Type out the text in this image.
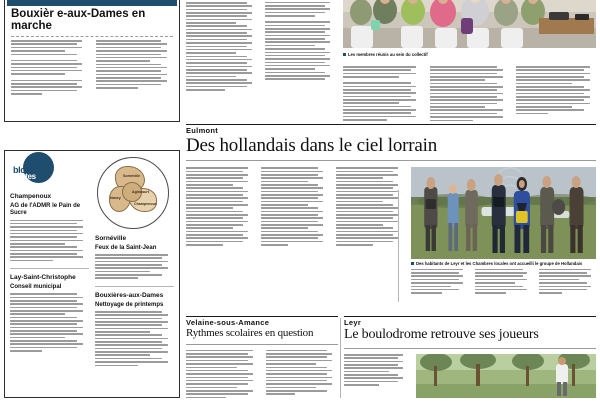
Bouxièr e-aux-Dames en marche
bloc-
notes
Champenoux
AG de l'ADMR le Pain de Sucre
Lay-Saint-Christophe
Conseil municipal
Sornéville
Nancy
Agincourt
Champenoux
Sornéville
Feux de la Saint-Jean
Bouxières-aux-Dames
Nettoyage de printemps
Les membres réunis au sein du collectif
Eulmont
Des hollandais dans le ciel lorrain
Des habitants de Leyr et les Chambres locales ont accueilli le groupe de Hollandais
Velaine-sous-Amance
Rythmes scolaires en question
Leyr
Le boulodrome retrouve ses joueurs
